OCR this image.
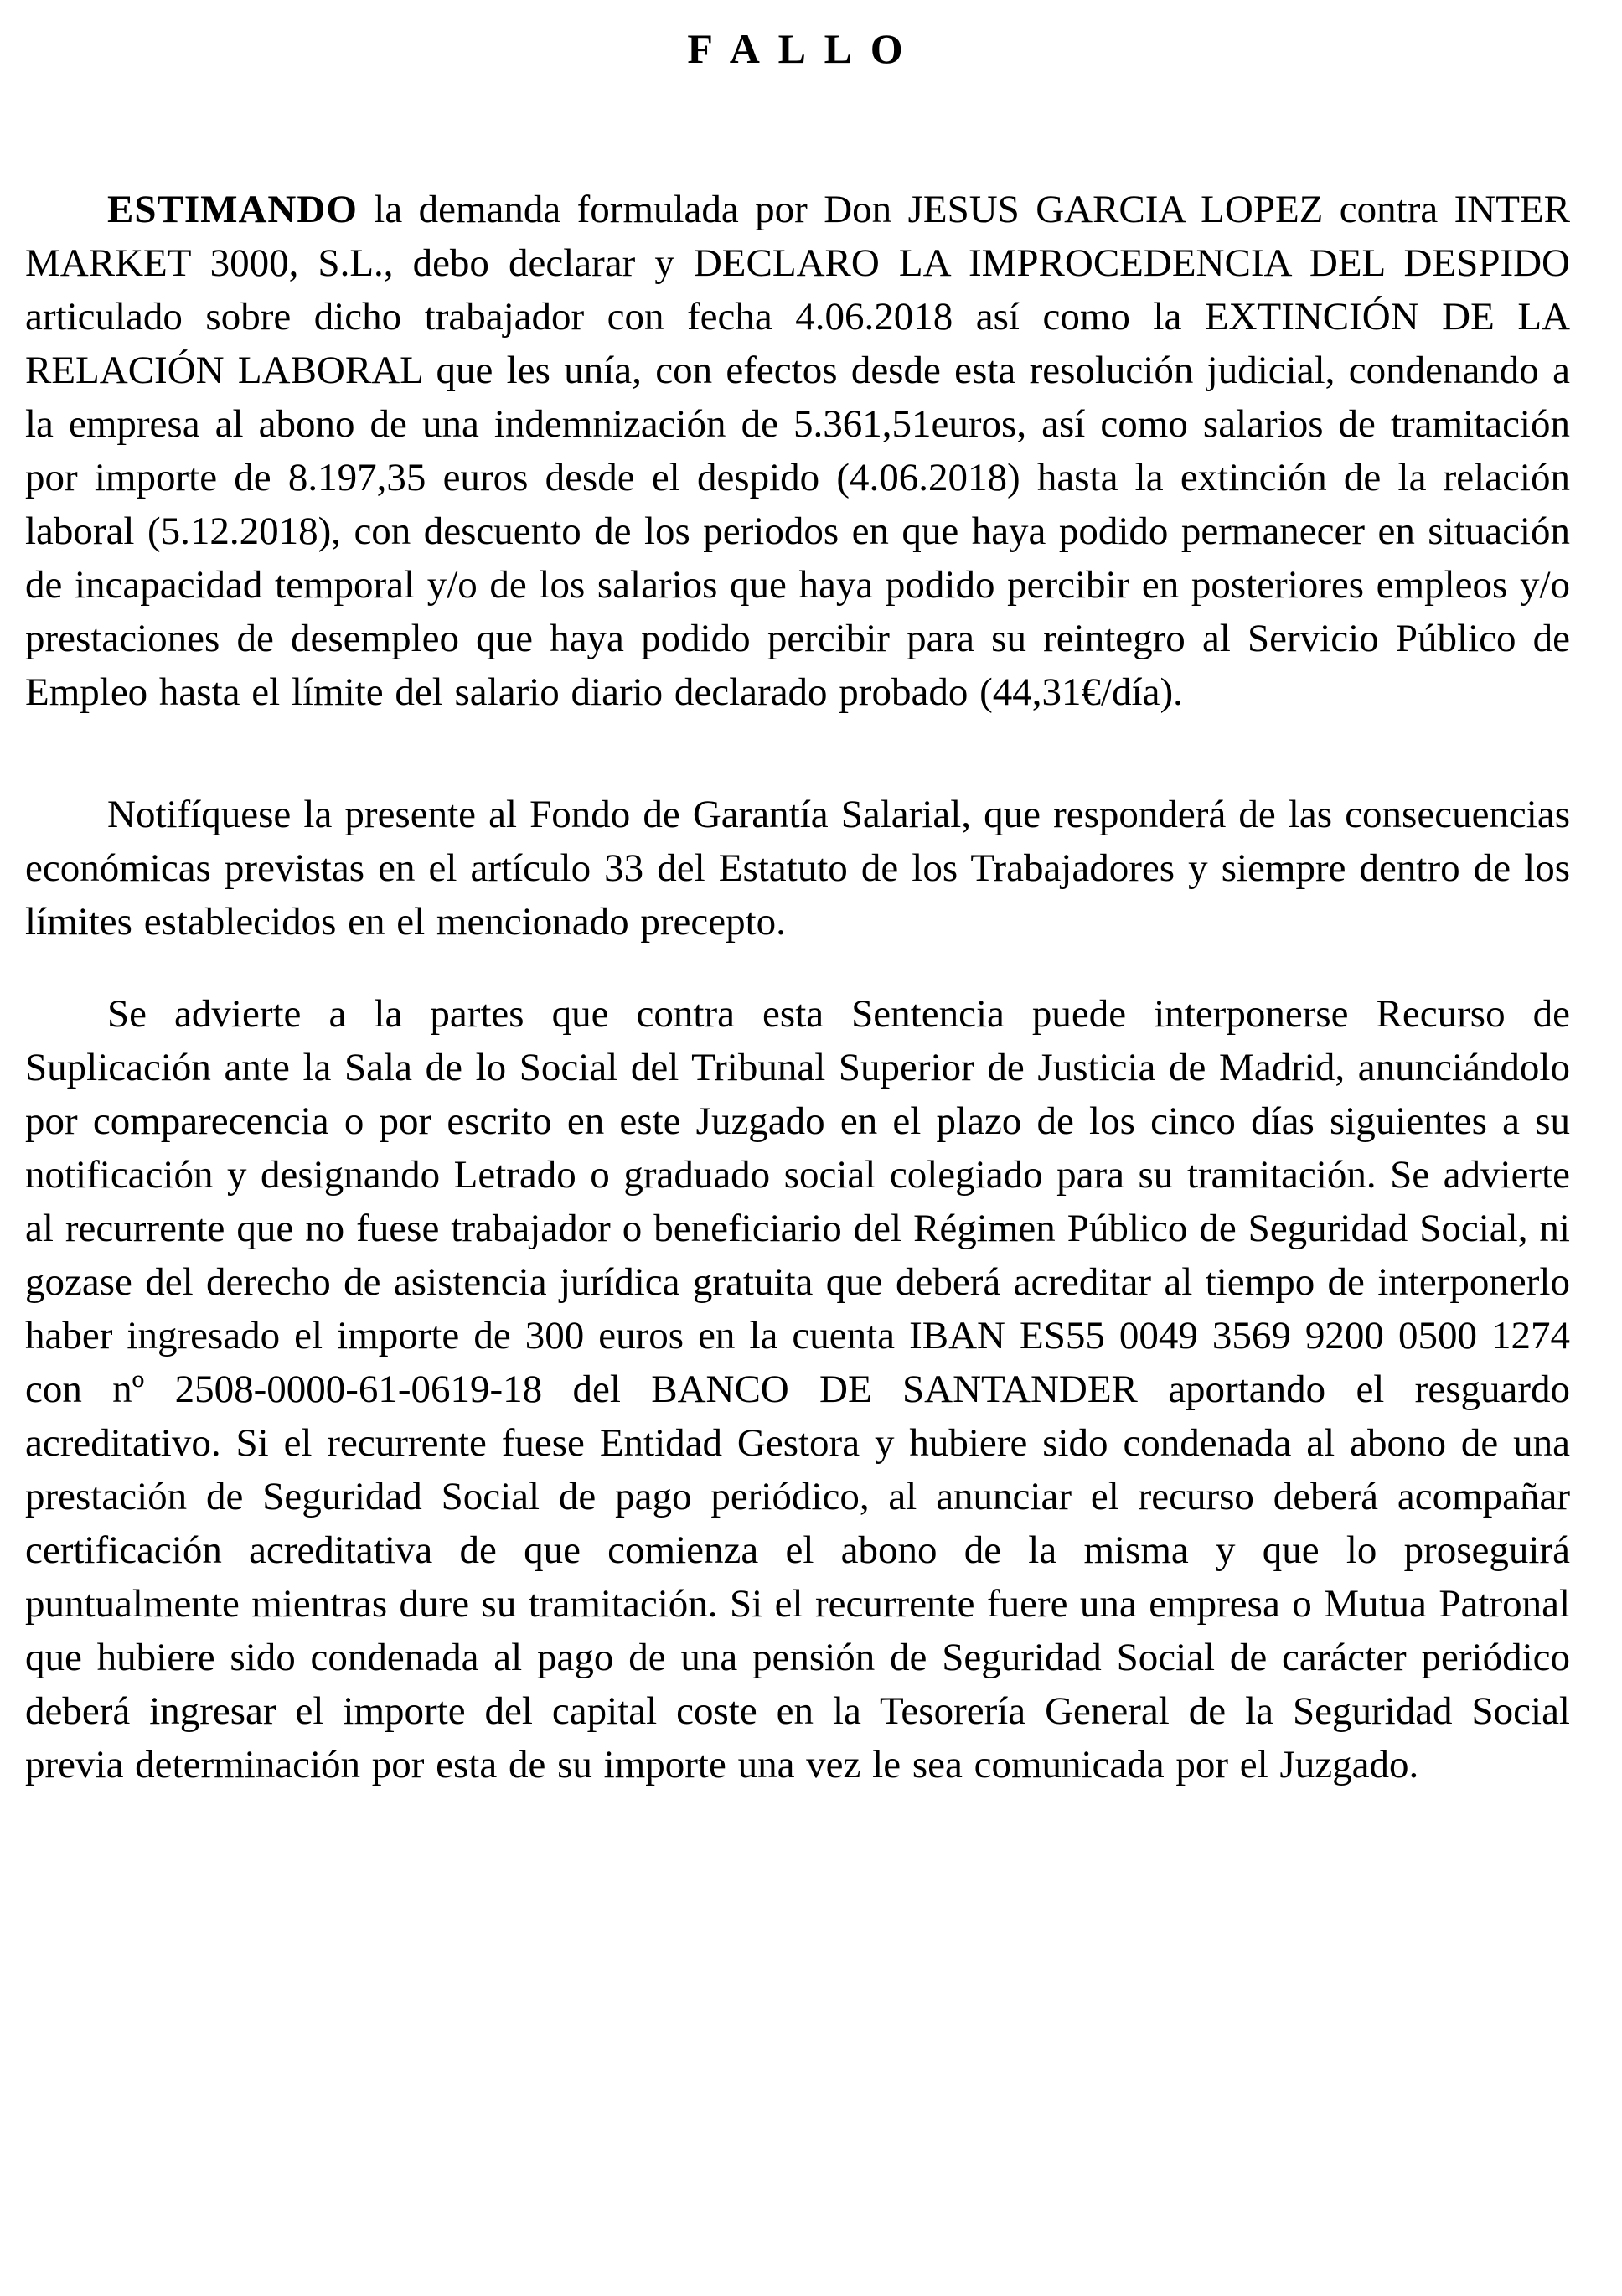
F A L L O

ESTIMANDO la demanda formulada por Don JESUS GARCIA LOPEZ contra INTER MARKET 3000, S.L., debo declarar y DECLARO LA IMPROCEDENCIA DEL DESPIDO articulado sobre dicho trabajador con fecha 4.06.2018 así como la EXTINCIÓN DE LA RELACIÓN LABORAL que les unía, con efectos desde esta resolución judicial, condenando a la empresa al abono de una indemnización de 5.361,51euros, así como salarios de tramitación por importe de 8.197,35 euros desde el despido (4.06.2018) hasta la extinción de la relación laboral (5.12.2018), con descuento de los periodos en que haya podido permanecer en situación de incapacidad temporal y/o de los salarios que haya podido percibir en posteriores empleos y/o prestaciones de desempleo que haya podido percibir para su reintegro al Servicio Público de Empleo hasta el límite del salario diario declarado probado (44,31€/día).

Notifíquese la presente al Fondo de Garantía Salarial, que responderá de las consecuencias económicas previstas en el artículo 33 del Estatuto de los Trabajadores y siempre dentro de los límites establecidos en el mencionado precepto.

Se advierte a la partes que contra esta Sentencia puede interponerse Recurso de Suplicación ante la Sala de lo Social del Tribunal Superior de Justicia de Madrid, anunciándolo por comparecencia o por escrito en este Juzgado en el plazo de los cinco días siguientes a su notificación y designando Letrado o graduado social colegiado para su tramitación. Se advierte al recurrente que no fuese trabajador o beneficiario del Régimen Público de Seguridad Social, ni gozase del derecho de asistencia jurídica gratuita que deberá acreditar al tiempo de interponerlo haber ingresado el importe de 300 euros en la cuenta IBAN ES55 0049 3569 9200 0500 1274 con nº 2508-0000-61-0619-18 del BANCO DE SANTANDER aportando el resguardo acreditativo. Si el recurrente fuese Entidad Gestora y hubiere sido condenada al abono de una prestación de Seguridad Social de pago periódico, al anunciar el recurso deberá acompañar certificación acreditativa de que comienza el abono de la misma y que lo proseguirá puntualmente mientras dure su tramitación. Si el recurrente fuere una empresa o Mutua Patronal que hubiere sido condenada al pago de una pensión de Seguridad Social de carácter periódico deberá ingresar el importe del capital coste en la Tesorería General de la Seguridad Social previa determinación por esta de su importe una vez le sea comunicada por el Juzgado.
